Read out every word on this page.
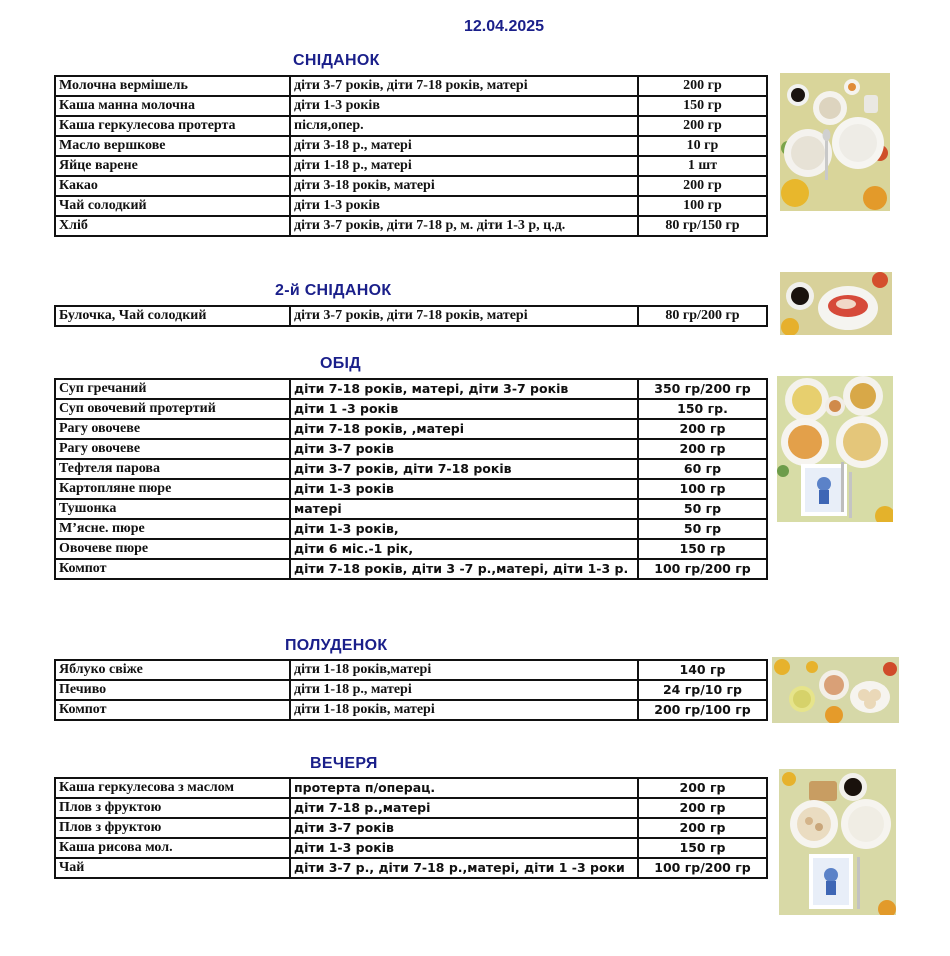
12.04.2025
СНІДАНОК
Молочна вермішель	діти 3-7 років, діти 7-18 років, матері	200 гр
Каша манна молочна	діти 1-3 років	150 гр
Каша геркулесова протерта	після,опер.	200 гр
Масло вершкове	діти 3-18 р., матері	10 гр
Яйце варене	діти 1-18 р., матері	1 шт
Какао	діти 3-18 років, матері	200 гр
Чай солодкий	діти 1-3 років	100 гр
Хліб	діти 3-7 років, діти 7-18 р, м. діти 1-3 р, ц.д.	80 гр/150 гр
2-й СНІДАНОК
Булочка, Чай солодкий	діти 3-7 років, діти 7-18 років, матері	80 гр/200 гр
ОБІД
Суп гречаний	діти 7-18 років, матері, діти 3-7 років	350 гр/200 гр
Суп овочевий протертий	діти 1 -3 років	150 гр.
Рагу овочеве	діти 7-18 років, ,матері	200 гр
Рагу овочеве	діти 3-7 років	200 гр
Тефтеля парова	діти 3-7 років, діти 7-18 років	60 гр
Картопляне пюре	діти 1-3 років	100 гр
Тушонка	матері	50 гр
М’ясне. пюре	діти 1-3 років,	50 гр
Овочеве пюре	діти 6 міс.-1 рік,	150 гр
Компот	діти 7-18 років, діти 3 -7 р.,матері, діти 1-3 р.	100 гр/200 гр
ПОЛУДЕНОК
Яблуко свіже	діти 1-18 років,матері	140 гр
Печиво	діти 1-18 р., матері	24 гр/10 гр
Компот	діти 1-18 років, матері	200 гр/100 гр
ВЕЧЕРЯ
Каша геркулесова з маслом	протерта п/операц.	200 гр
Плов з фруктою	діти 7-18 р.,матері	200 гр
Плов з фруктою	діти 3-7 років	200 гр
Каша рисова мол.	діти 1-3 років	150 гр
Чай	діти 3-7 р., діти 7-18 р.,матері, діти 1 -3 роки	100 гр/200 гр
